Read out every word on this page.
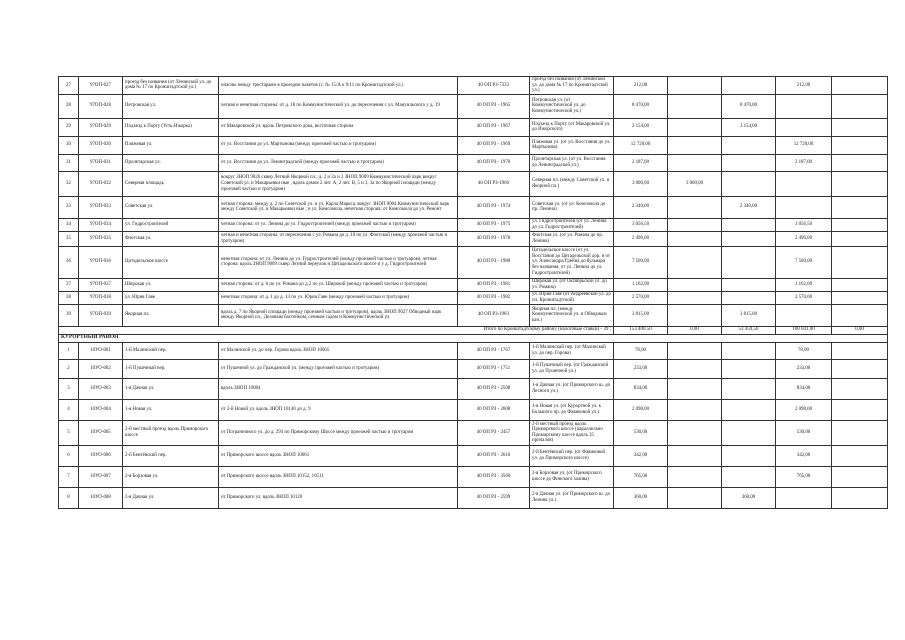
27	97ОП-027	проезд без названия (от Ленинской ул. до дома № 17 по Кронштадтской ул.)	опасны между трестарами в проездом пакетов (с. № 15/А к 9/11 по Кронштадтской ул.)	40 ОП РЗ-7333	проезд без названия (от Ленинской ул. до дома № 17 по Кронштадтской ул.)	212,00			212,00	
28	97ОП-028	Петровская ул.	четная и нечетная стороны: от д. 18 по Коммунистической ул. до пересечения с ул. Мануильского у д. 19	40 ОП РЗ - 1965	Петровская ул. (от Коммунистической ул. до Коммунистической ул.)	8 470,00		8 470,00		
29	97ОП-029	Подъезд к Порту (Усть-Ижорка)	от Макаровской ул. вдоль Петровского дока, восточная сторона	40 ОП РЗ - 1967	Подъезд к Порту (от Макаровской ул. до Ижорского)	3 154,00		3 154,00		
30	97ОП-030	Пляжевая ул.	от ул. Восстания до ул. Мартынова (между проезжей частью и тротуаром)	40 ОП РЗ - 1969	Пляжевая ул. (от ул. Восстания до ул. Мартынова)	12 720,00			12 720,00	
31	97ОП-031	Пролетарская ул.	от ул. Восстания до ул. Ленинградской (между проезжей частью и тротуаром)	40 ОП РЗ - 1970	Пролетарская ул. (от ул. Восстания до Ленинградской ул.)	2 187,00			2 187,00	
32	97ОП-032	Северная площадь	вокруг ЗНОП 9026 сквер Летний Якорной пл.; д. 2 и 2а и 3 ЗНОП 9009 Коммунистический парк вокруг Советской ул. и Макарьевки ные , вдоль домов 2 лит. А, 2 лит. В, 5 и 3, 3а по Якорной площади (между проезжей частью и тротуаром)	40 ОП РЗ-1966	Северная пл. (между Советской ул. и Якорной пл.)	3 000,00	3 000,00			
33	97ОП-033	Советская ул.	четная сторона: между д. 2 по Советской ул. и ул. Карла Маркса, вокруг ЗНОП 9004 Коммунистический парк между Советской ул. и Макарьевки ные ; и ул. Комсомола, нечетная сторона: от Комсомола до ул. Ремонт	40 ОП РЗ - 1974	Советская ул. (от ул. Комсомола до пр. Ленина)	2 340,00		2 340,00		
34	97ОП-034	ул. Гидростроителей	четная сторона: от ул. Ленина до ул. Гидростроителей (между проезжей частью и тротуаром)	40 ОП РЗ - 1975	ул. Гидростроителей (от ул. Ленина до ул. Гидростроителей)	3 056,50			3 056,50	
35	97ОП-035	Флотская ул.	четная и нечетная стороны: от пересечения с ул. Романа до д. 10 по ул. Флотской (между проезжей частью и тротуаром)	40 ОП РЗ - 1978	Флотская ул. (от ул. Романа до пр. Ленина)	2 496,00			2 496,00	
36	97ОП-036	Цитадельское шоссе	нечетная сторона: от ул. Ленина до ул. Гидростроителей (между проезжей частью и тротуаром), четная сторона: вдоль ЗНОП 9009 сквер Летний переулок и Цитадельского шоссе и у д. Гидростроителей	40 ОП РЗ - 1980	Цитадельское шоссе (от ул. Восстания до Цитадельской дор. и от ул. Александра Грейна до бульвара без названия, от ул. Ленина до ул. Гидростроителей)	7 500,00			7 500,00	
37	97ОП-037	Широкая ул.	четная сторона: от д. 6 по ул. Романа до д.2 по ул. Широкой (между проезжей частью и тротуаром)	40 ОП РЗ - 1981	Широкая ул. (от Октябрьской ул. до ул. Романа)	1 162,00			1 162,00	
38	97ОП-038	ул. Юрия Гаве	нечетная сторона: от д. 1 до д. 13 по ул. Юрия Гаве (между проезжей частью и тротуаром)	40 ОП РЗ - 1982	ул. Юрия Гаве (от Андреевской ул. до пл. Кронштадтской)	2 570,00			2 570,00	
39	97ОП-039	Якорная пл.	вдоль д. 7 по Якорной площади (между проезжей частью и тротуаром), вдоль ЗНОП 9027 Обводный парк между Якорной пл., Деловым бассейном, сенным садом и Коммунистической ул.	40 ОП РЗ-1983	Якорная пл. (между Коммунистической ул. и Обводным кан.)	3 815,00		3 815,00		
Итого по Кронштадтскому району (налоговые ставки) - 39 :						153 400,50	0,00	53 459,50	100 041,00	0,00
КУРОРТНЫЙ РАЙОН										
1	10УО-001	1-й Малинский пер.	от Малинской ул. до пер. Горова вдоль ЗНОП 10065	40 ОП РЗ - 1767	1-й Малинский пер. (от Малинской ул. до пер. Горова)	78,00			78,00	
2	10УО-002	1-й Пушечный пер.	от Пушечной ул. до Гражданской ул. (между проезжей частью и тротуаром)	40 ОП РЗ - 1751	1-й Пушечный пер. (от Гражданской ул. до Пушечной ул.)	233,00			233,00	
3	10УО-003	1-я Дачная ул.	вдоль ЗНОП 10084	40 ОП РЗ - 2598	1-я Дачная ул. (от Приморского ш. до Лесного ул.)	834,00			834,00	
4	10УО-004	1-я Новая ул.	от 2-й Новой ул. вдоль ЗНОП 10140 до д. 9	40 ОП РЗ - 2608	1-я Новая ул. (от Курортной ул. к Большого пр. до Фавиковой ул.)	2 098,00			2 098,00	
5	10УО-005	2-й местный проезд вдоль Приморского шоссе	от Пограничного ул. до д. 293 по Приморскому Шоссе между проезжей частью и тротуаром	40 ОП РЗ - 2457	2-й местный проезд вдоль Приморского шоссе (параллельно Приморскому шоссе вдоль 35 причалов)	530,00			530,00	
6	10УО-006	2-й Бентёвский пер.	от Приморского шоссе вдоль ЗНОП 10061	40 ОП РЗ - 2610	2-й Бентёвский пер. (от Фавиковой ул. до Приморского шоссе)	342,00			342,00	
7	10УО-007	2-я Борзовая ул.	от Приморского шоссе вдоль ЗНОП 10152, 10511	40 ОП РЗ - 3560	2-я Борзовая ул. (от Приморского шоссе до Финского залива)	765,00			765,00	
8	10УО-008	2-я Дачная ул.	от Приморского ул. вдоль ЗНОП 10120	40 ОП РЗ - 2599	2-я Дачная ул. (от Приморского ш. до Ленина ул.)	360,00		360,00		
